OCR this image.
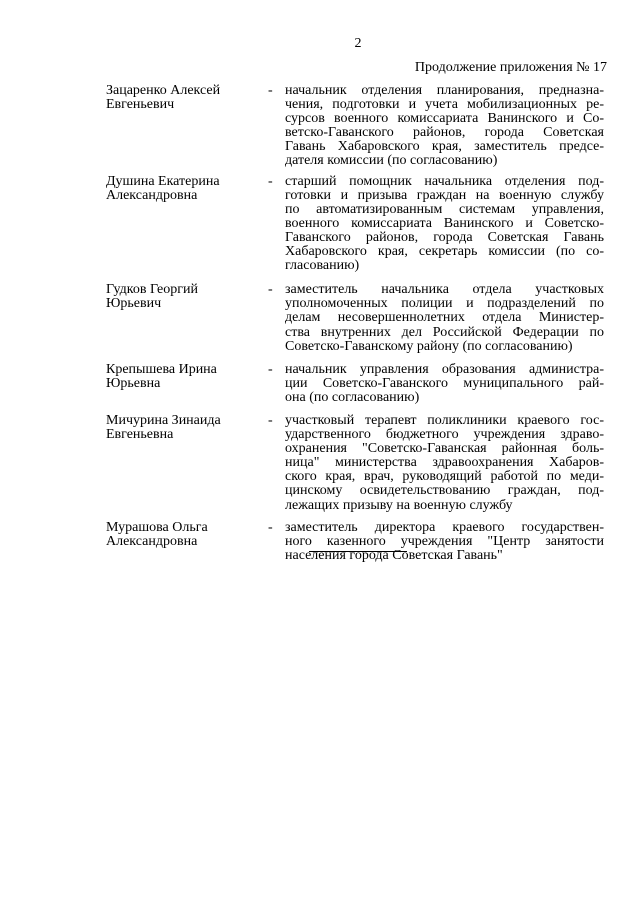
2
Продолжение приложения № 17
Зацаренко Алексей
Евгеньевич
- начальник отделения планирования, предназна-
чения, подготовки и учета мобилизационных ре-
сурсов военного комиссариата Ванинского и Со-
ветско-Гаванского районов, города Советская
Гавань Хабаровского края, заместитель предсе-
дателя комиссии (по согласованию)
Душина Екатерина
Александровна
- старший помощник начальника отделения под-
готовки и призыва граждан на военную службу
по автоматизированным системам управления,
военного комиссариата Ванинского и Советско-
Гаванского районов, города Советская Гавань
Хабаровского края, секретарь комиссии (по со-
гласованию)
Гудков Георгий
Юрьевич
- заместитель начальника отдела участковых
уполномоченных полиции и подразделений по
делам несовершеннолетних отдела Министер-
ства внутренних дел Российской Федерации по
Советско-Гаванскому району (по согласованию)
Крепышева Ирина
Юрьевна
- начальник управления образования администра-
ции Советско-Гаванского муниципального рай-
она (по согласованию)
Мичурина Зинаида
Евгеньевна
- участковый терапевт поликлиники краевого гос-
ударственного бюджетного учреждения здраво-
охранения "Советско-Гаванская районная боль-
ница" министерства здравоохранения Хабаров-
ского края, врач, руководящий работой по меди-
цинскому освидетельствованию граждан, под-
лежащих призыву на военную службу
Мурашова Ольга
Александровна
- заместитель директора краевого государствен-
ного казенного учреждения "Центр занятости
населения города Советская Гавань"
